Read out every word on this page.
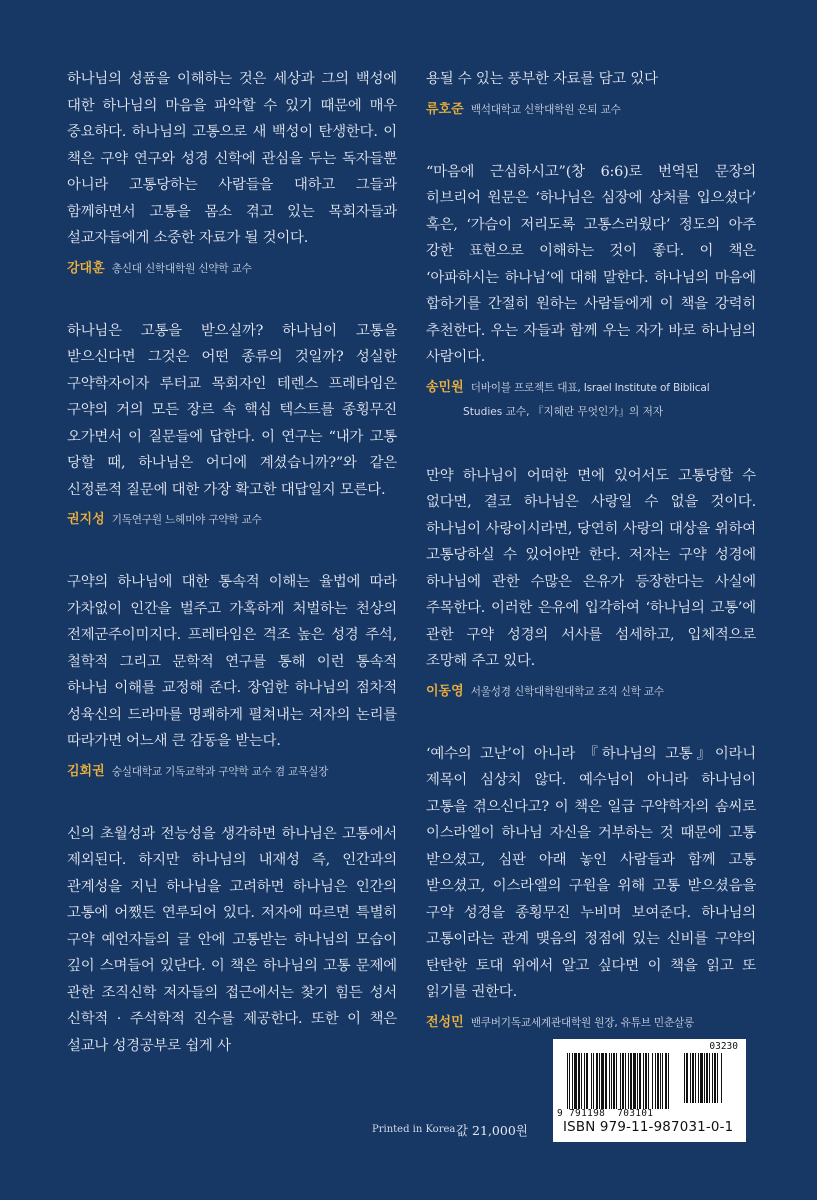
하나님의 성품을 이해하는 것은 세상과 그의 백성에 대한 하나님의 마음을 파악할 수 있기 때문에 매우 중요하다. 하나님의 고통으로 새 백성이 탄생한다. 이 책은 구약 연구와 성경 신학에 관심을 두는 독자들뿐 아니라 고통당하는 사람들을 대하고 그들과 함께하면서 고통을 몸소 겪고 있는 목회자들과 설교자들에게 소중한 자료가 될 것이다.

강대훈 총신대 신학대학원 신약학 교수

하나님은 고통을 받으실까? 하나님이 고통을 받으신다면 그것은 어떤 종류의 것일까? 성실한 구약학자이자 루터교 목회자인 테렌스 프레타임은 구약의 거의 모든 장르 속 핵심 텍스트를 종횡무진 오가면서 이 질문들에 답한다. 이 연구는 “내가 고통 당할 때, 하나님은 어디에 계셨습니까?”와 같은 신정론적 질문에 대한 가장 확고한 대답일지 모른다.

권지성 기독연구원 느헤미야 구약학 교수

구약의 하나님에 대한 통속적 이해는 율법에 따라 가차없이 인간을 벌주고 가혹하게 처벌하는 천상의 전제군주이미지다. 프레타임은 격조 높은 성경 주석, 철학적 그리고 문학적 연구를 통해 이런 통속적 하나님 이해를 교정해 준다. 장엄한 하나님의 점차적 성육신의 드라마를 명쾌하게 펼쳐내는 저자의 논리를 따라가면 어느새 큰 감동을 받는다.

김회권 숭실대학교 기독교학과 구약학 교수 겸 교목실장

신의 초월성과 전능성을 생각하면 하나님은 고통에서 제외된다. 하지만 하나님의 내재성 즉, 인간과의 관계성을 지닌 하나님을 고려하면 하나님은 인간의 고통에 어쨌든 연루되어 있다. 저자에 따르면 특별히 구약 예언자들의 글 안에 고통받는 하나님의 모습이 깊이 스며들어 있단다. 이 책은 하나님의 고통 문제에 관한 조직신학 저자들의 접근에서는 찾기 힘든 성서 신학적 · 주석학적 진수를 제공한다. 또한 이 책은 설교나 성경공부로 쉽게 사

용될 수 있는 풍부한 자료를 담고 있다

류호준 백석대학교 신학대학원 은퇴 교수

“마음에 근심하시고”(창 6:6)로 번역된 문장의 히브리어 원문은 ‘하나님은 심장에 상처를 입으셨다’ 혹은, ‘가슴이 저리도록 고통스러웠다’ 정도의 아주 강한 표현으로 이해하는 것이 좋다. 이 책은 ‘아파하시는 하나님’에 대해 말한다. 하나님의 마음에 합하기를 간절히 원하는 사람들에게 이 책을 강력히 추천한다. 우는 자들과 함께 우는 자가 바로 하나님의 사람이다.

송민원 더바이블 프로젝트 대표, Israel Institute of Biblical
Studies 교수, 『지혜란 무엇인가』의 저자

만약 하나님이 어떠한 면에 있어서도 고통당할 수 없다면, 결코 하나님은 사랑일 수 없을 것이다. 하나님이 사랑이시라면, 당연히 사랑의 대상을 위하여 고통당하실 수 있어야만 한다. 저자는 구약 성경에 하나님에 관한 수많은 은유가 등장한다는 사실에 주목한다. 이러한 은유에 입각하여 ‘하나님의 고통’에 관한 구약 성경의 서사를 섬세하고, 입체적으로 조망해 주고 있다.

이동영 서울성경 신학대학원대학교 조직 신학 교수

‘예수의 고난’이 아니라 『하나님의 고통』이라니 제목이 심상치 않다. 예수님이 아니라 하나님이 고통을 겪으신다고? 이 책은 일급 구약학자의 솜씨로 이스라엘이 하나님 자신을 거부하는 것 때문에 고통 받으셨고, 심판 아래 놓인 사람들과 함께 고통 받으셨고, 이스라엘의 구원을 위해 고통 받으셨음을 구약 성경을 종횡무진 누비며 보여준다. 하나님의 고통이라는 관계 맺음의 정점에 있는 신비를 구약의 탄탄한 토대 위에서 알고 싶다면 이 책을 읽고 또 읽기를 권한다.

전성민 밴쿠버기독교세계관대학원 원장, 유튜브 민춘살롱
Printed in Korea 값 21,000원
03230
9 791198  703101
ISBN 979-11-987031-0-1
